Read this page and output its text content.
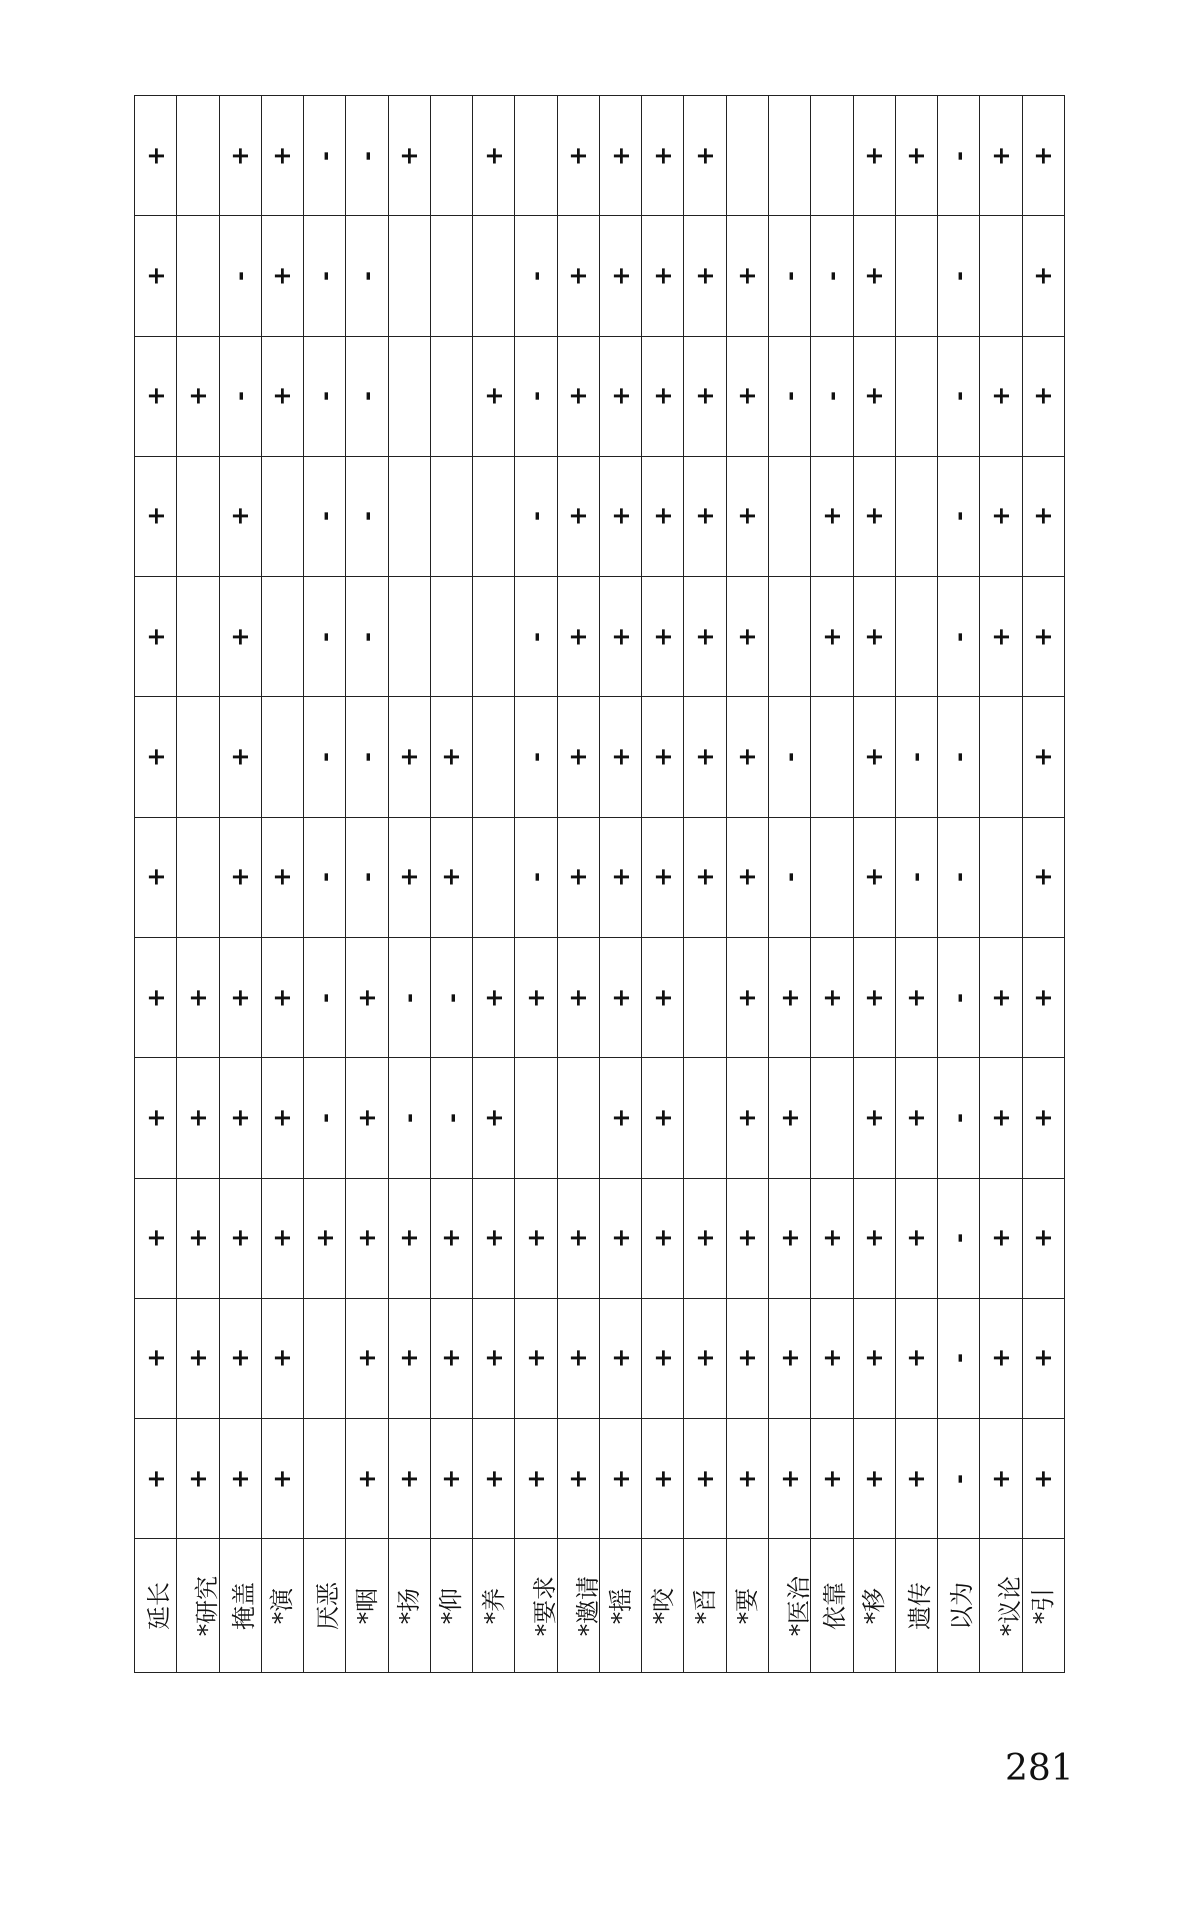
+		+	+	-	-	+		+		+	+	+	+				+	+	-	+	+
+		-	+	-	-				-	+	+	+	+	+	-	-	+		-		+
+	+	-	+	-	-			+	-	+	+	+	+	+	-	-	+		-	+	+
+		+		-	-				-	+	+	+	+	+		+	+		-	+	+
+		+		-	-				-	+	+	+	+	+		+	+		-	+	+
+		+		-	-	+	+		-	+	+	+	+	+	-		+	-	-		+
+		+	+	-	-	+	+		-	+	+	+	+	+	-		+	-	-		+
+	+	+	+	-	+	-	-	+	+	+	+	+		+	+	+	+	+	-	+	+
+	+	+	+	-	+	-	-	+			+	+		+	+		+	+	-	+	+
+	+	+	+	+	+	+	+	+	+	+	+	+	+	+	+	+	+	+	-	+	+
+	+	+	+		+	+	+	+	+	+	+	+	+	+	+	+	+	+	-	+	+
+	+	+	+		+	+	+	+	+	+	+	+	+	+	+	+	+	+	-	+	+
延长	*研究	掩盖	*演	厌恶	*咽	*扬	*仰	*养	*要求	*邀请	*摇	*咬	*舀	*要	*医治	依靠	*移	遗传	以为	*议论	*引
281
